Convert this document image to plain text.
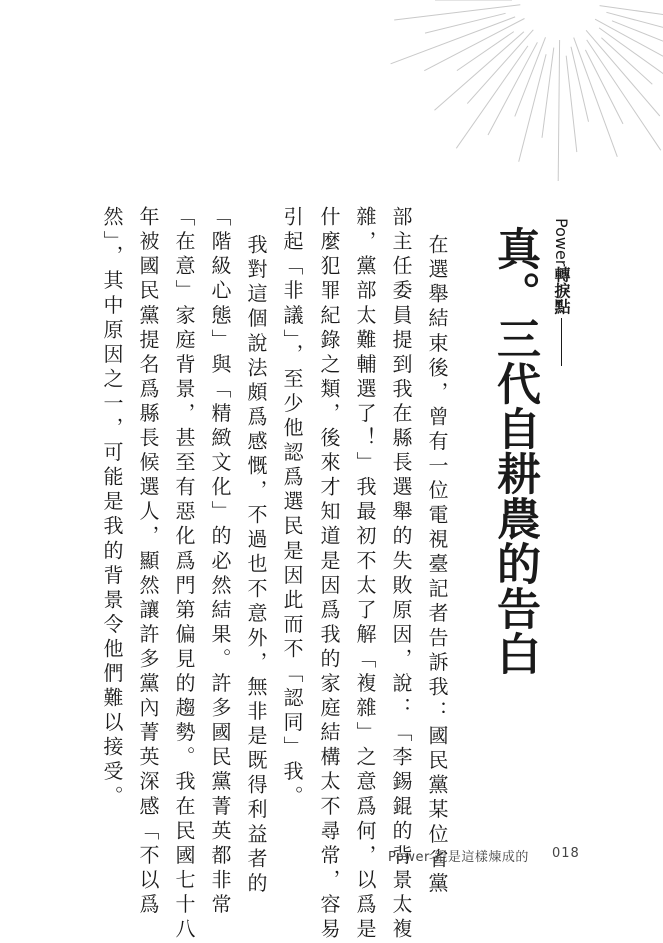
Power轉捩點
真。三代自耕農的告白
在選舉結束後，曾有一位電視臺記者告訴我：國民黨某位省黨
部主任委員提到我在縣長選舉的失敗原因，說：「李錫錕的背景太複
雜，黨部太難輔選了！」我最初不太了解「複雜」之意爲何，以爲是
什麼犯罪紀錄之類，後來才知道是因爲我的家庭結構太不尋常，容易
引起「非議」，至少他認爲選民是因此而不「認同」我。
我對這個說法頗爲感慨，不過也不意外，無非是既得利益者的
「階級心態」與「精緻文化」的必然結果。許多國民黨菁英都非常
「在意」家庭背景，甚至有惡化爲門第偏見的趨勢。我在民國七十八
年被國民黨提名爲縣長候選人，顯然讓許多黨內菁英深感「不以爲
然」，其中原因之一，可能是我的背景令他們難以接受。
Power 錕是這樣煉成的 018
